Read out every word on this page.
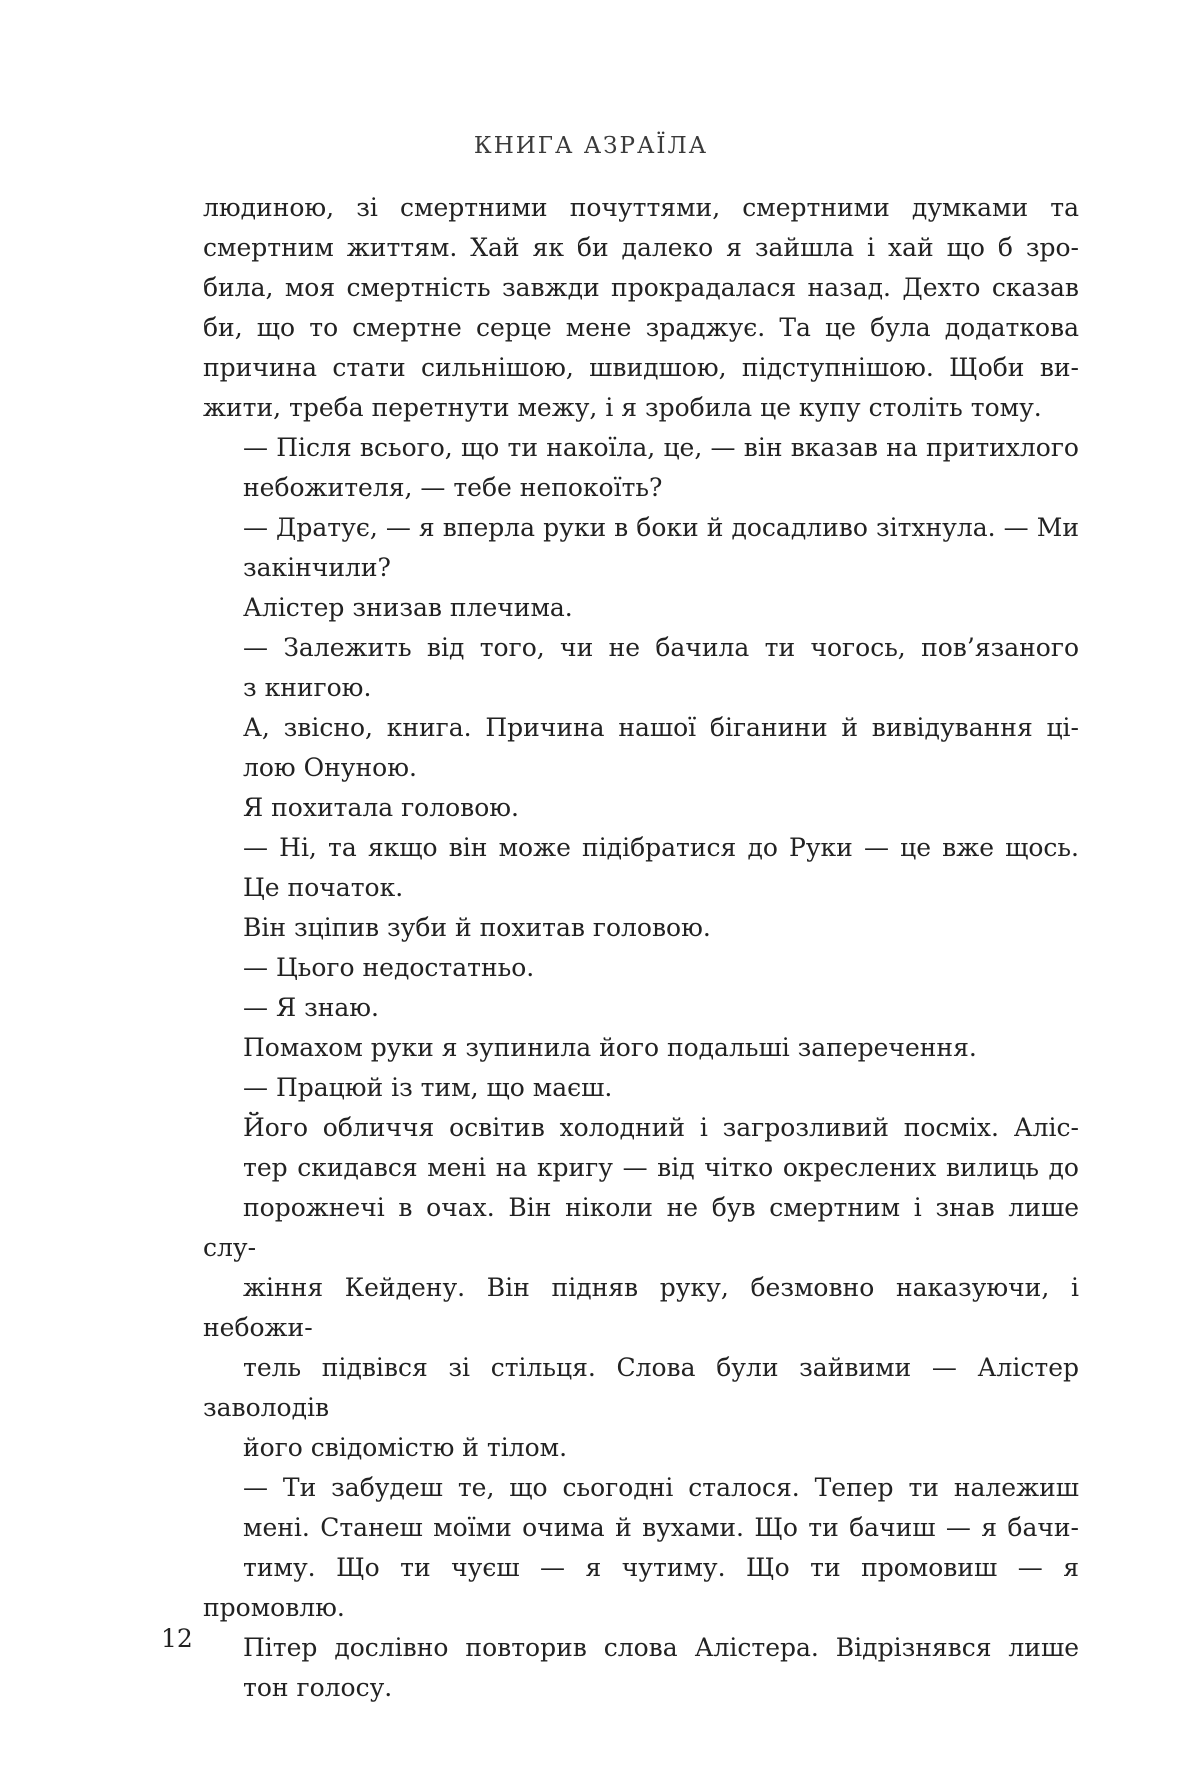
КНИГА АЗРАЇЛА

людиною, зі смертними почуттями, смертними думками та
смертним життям. Хай як би далеко я зайшла і хай що б зро-
била, моя смертність завжди прокрадалася назад. Дехто сказав
би, що то смертне серце мене зраджує. Та це була додаткова
причина стати сильнішою, швидшою, підступнішою. Щоби ви-
жити, треба перетнути межу, і я зробила це купу століть тому.

— Після всього, що ти накоїла, це, — він вказав на притихлого
небожителя, — тебе непокоїть?

— Дратує, — я вперла руки в боки й досадливо зітхнула. — Ми
закінчили?

Алістер знизав плечима.

— Залежить від того, чи не бачила ти чогось, пов’язаного
з книгою.

А, звісно, книга. Причина нашої біганини й вивідування ці-
лою Онуною.

Я похитала головою.

— Ні, та якщо він може підібратися до Руки — це вже щось.
Це початок.

Він зціпив зуби й похитав головою.

— Цього недостатньо.

— Я знаю.

Помахом руки я зупинила його подальші заперечення.

— Працюй із тим, що маєш.

Його обличчя освітив холодний і загрозливий посміх. Аліс-
тер скидався мені на кригу — від чітко окреслених вилиць до
порожнечі в очах. Він ніколи не був смертним і знав лише слу-
жіння Кейдену. Він підняв руку, безмовно наказуючи, і небожи-
тель підвівся зі стільця. Слова були зайвими — Алістер заволодів
його свідомістю й тілом.

— Ти забудеш те, що сьогодні сталося. Тепер ти належиш
мені. Станеш моїми очима й вухами. Що ти бачиш — я бачи-
тиму. Що ти чуєш — я чутиму. Що ти промовиш — я промовлю.

Пітер дослівно повторив слова Алістера. Відрізнявся лише
тон голосу.

12
